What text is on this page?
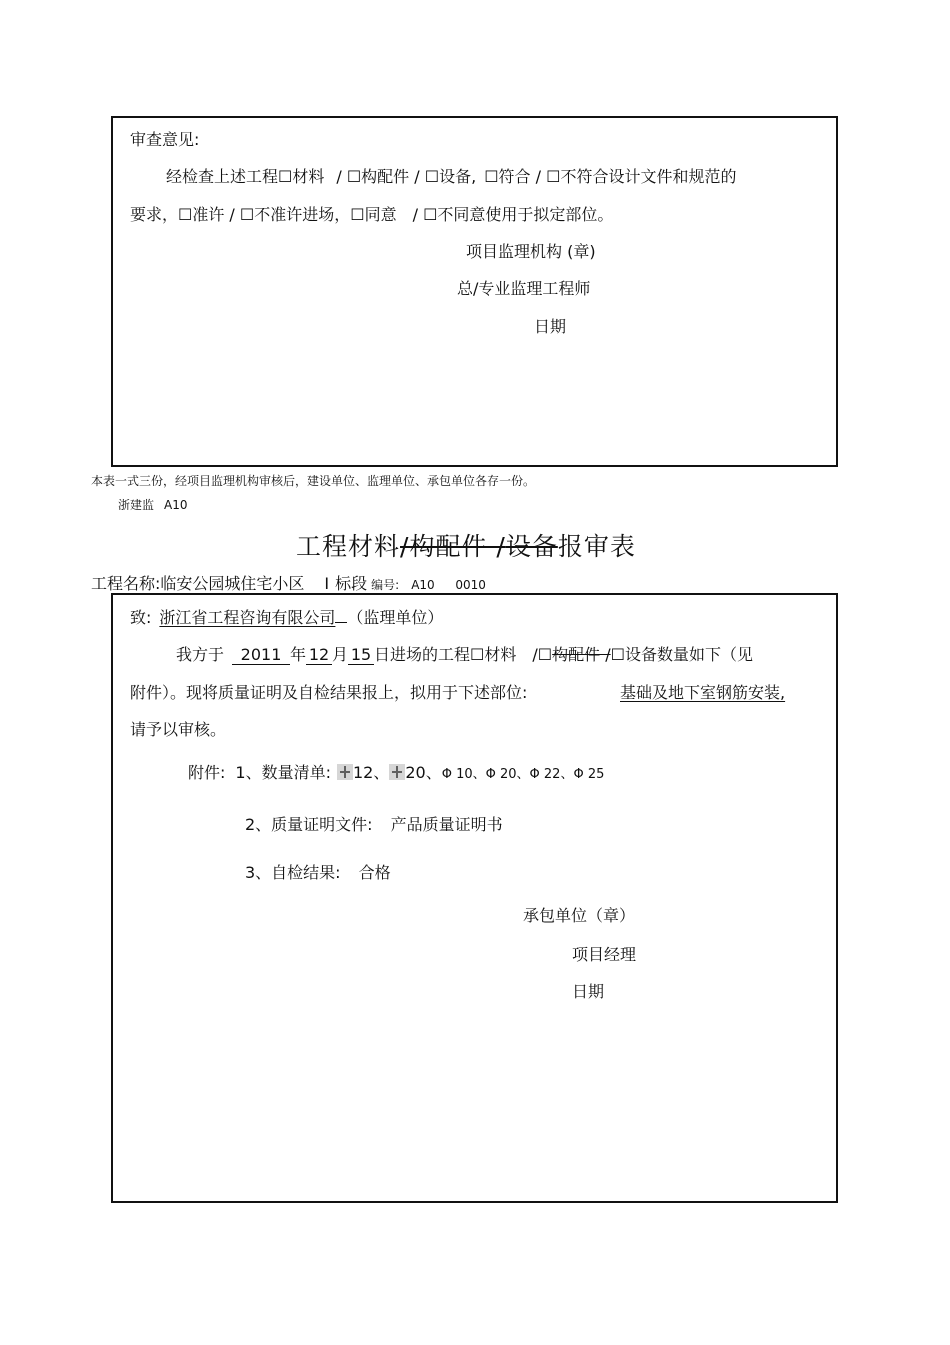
审查意见:
经检查上述工程☐材料 / ☐构配件 / ☐设备, ☐符合 / ☐不符合设计文件和规范的
要求，☐准许 / ☐不准许进场，☐同意　/ ☐不同意使用于拟定部位。
项目监理机构 (章)
总/专业监理工程师
日期
本表一式三份，经项目监理机构审核后，建设单位、监理单位、承包单位各存一份。
浙建监 A10
工程材料/构配件 /设备报审表
工程名称:临安公园城住宅小区 Ⅰ 标段 编号: A10 0010
致: 浙江省工程咨询有限公司 （监理单位）
我方于 2011 年 12 月 15 日进场的工程☐材料　/☐构配件 /☐设备数量如下（见
附件）。现将质量证明及自检结果报上，拟用于下述部位:	基础及地下室钢筋安装,
请予以审核。
附件: 1、数量清单: 12、 20、Φ 10、Φ 20、Φ 22、Φ 25
2、质量证明文件: 产品质量证明书
3、自检结果: 合格
承包单位（章）
项目经理
日期
